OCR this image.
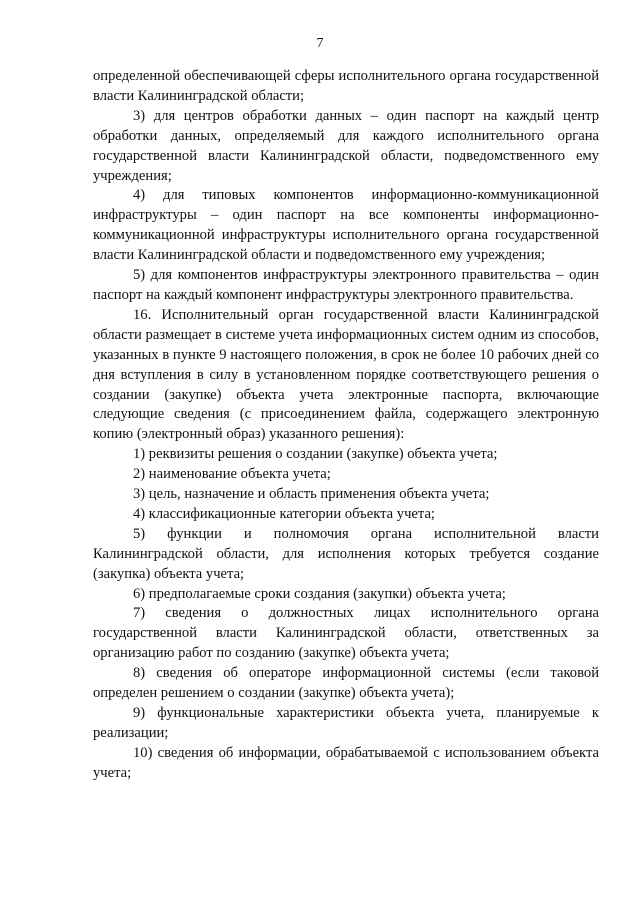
7

определенной обеспечивающей сферы исполнительного органа государственной власти Калининградской области;

3) для центров обработки данных – один паспорт на каждый центр обработки данных, определяемый для каждого исполнительного органа государственной власти Калининградской области, подведомственного ему учреждения;

4) для типовых компонентов информационно-коммуникационной инфраструктуры – один паспорт на все компоненты информационно-коммуникационной инфраструктуры исполнительного органа государственной власти Калининградской области и подведомственного ему учреждения;

5) для компонентов инфраструктуры электронного правительства – один паспорт на каждый компонент инфраструктуры электронного правительства.

16. Исполнительный орган государственной власти Калининградской области размещает в системе учета информационных систем одним из способов, указанных в пункте 9 настоящего положения, в срок не более 10 рабочих дней со дня вступления в силу в установленном порядке соответствующего решения о создании (закупке) объекта учета электронные паспорта, включающие следующие сведения (с присоединением файла, содержащего электронную копию (электронный образ) указанного решения):

1) реквизиты решения о создании (закупке) объекта учета;

2) наименование объекта учета;

3) цель, назначение и область применения объекта учета;

4) классификационные категории объекта учета;

5) функции и полномочия органа исполнительной власти Калининградской области, для исполнения которых требуется создание (закупка) объекта учета;

6) предполагаемые сроки создания (закупки) объекта учета;

7) сведения о должностных лицах исполнительного органа государственной власти Калининградской области, ответственных за организацию работ по созданию (закупке) объекта учета;

8) сведения об операторе информационной системы (если таковой определен решением о создании (закупке) объекта учета);

9) функциональные характеристики объекта учета, планируемые к реализации;

10) сведения об информации, обрабатываемой с использованием объекта учета;
